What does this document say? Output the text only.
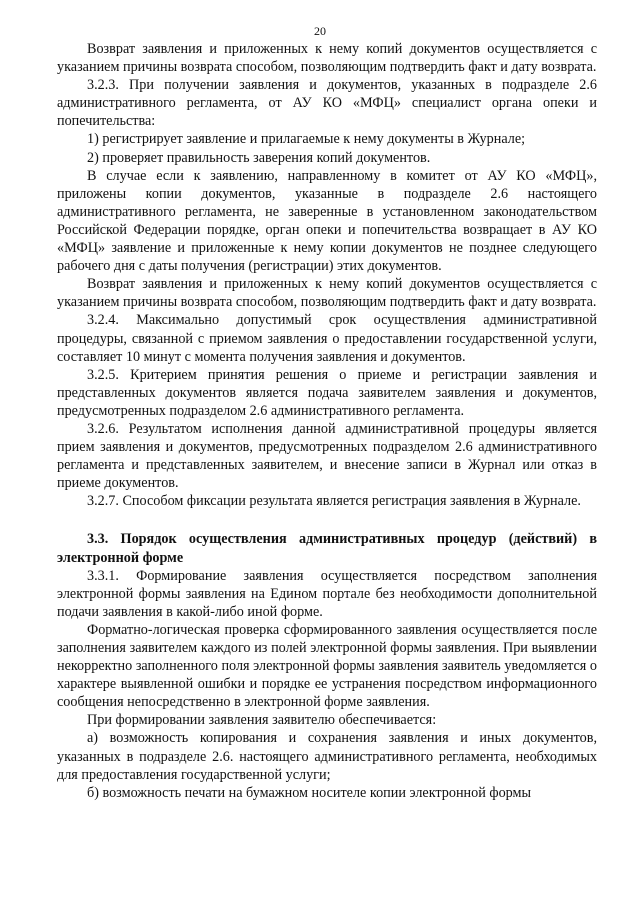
20

Возврат заявления и приложенных к нему копий документов осуществляется с указанием причины возврата способом, позволяющим подтвердить факт и дату возврата.

3.2.3. При получении заявления и документов, указанных в подразделе 2.6 административного регламента, от АУ КО «МФЦ» специалист органа опеки и попечительства:

1) регистрирует заявление и прилагаемые к нему документы в Журнале;

2) проверяет правильность заверения копий документов.

В случае если к заявлению, направленному в комитет от АУ КО «МФЦ», приложены копии документов, указанные в подразделе 2.6 настоящего административного регламента, не заверенные в установленном законодательством Российской Федерации порядке, орган опеки и попечительства возвращает в АУ КО «МФЦ» заявление и приложенные к нему копии документов не позднее следующего рабочего дня с даты получения (регистрации) этих документов.

Возврат заявления и приложенных к нему копий документов осуществляется с указанием причины возврата способом, позволяющим подтвердить факт и дату возврата.

3.2.4. Максимально допустимый срок осуществления административной процедуры, связанной с приемом заявления о предоставлении государственной услуги, составляет 10 минут с момента получения заявления и документов.

3.2.5. Критерием принятия решения о приеме и регистрации заявления и представленных документов является подача заявителем заявления и документов, предусмотренных подразделом 2.6 административного регламента.

3.2.6. Результатом исполнения данной административной процедуры является прием заявления и документов, предусмотренных подразделом 2.6 административного регламента и представленных заявителем, и внесение записи в Журнал или отказ в приеме документов.

3.2.7. Способом фиксации результата является регистрация заявления в Журнале.

3.3. Порядок осуществления административных процедур (действий) в электронной форме

3.3.1. Формирование заявления осуществляется посредством заполнения электронной формы заявления на Едином портале без необходимости дополнительной подачи заявления в какой-либо иной форме.

Форматно-логическая проверка сформированного заявления осуществляется после заполнения заявителем каждого из полей электронной формы заявления. При выявлении некорректно заполненного поля электронной формы заявления заявитель уведомляется о характере выявленной ошибки и порядке ее устранения посредством информационного сообщения непосредственно в электронной форме заявления.

При формировании заявления заявителю обеспечивается:

а) возможность копирования и сохранения заявления и иных документов, указанных в подразделе 2.6. настоящего административного регламента, необходимых для предоставления государственной услуги;

б) возможность печати на бумажном носителе копии электронной формы
